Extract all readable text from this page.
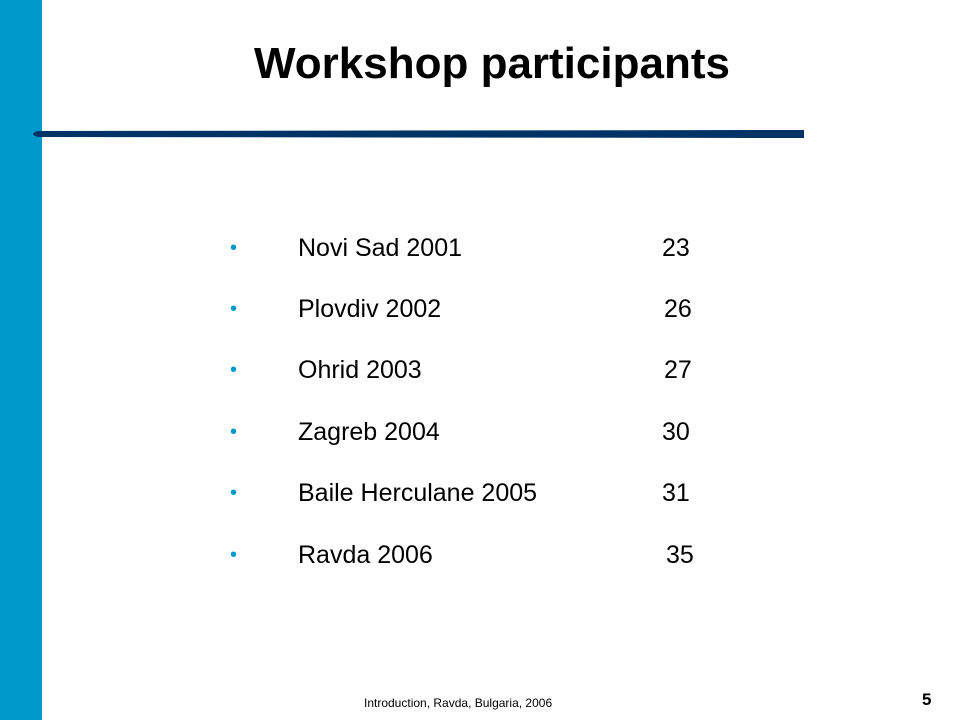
Workshop participants
• Novi Sad 2001	23
• Plovdiv 2002	26
• Ohrid 2003	27
• Zagreb 2004	30
• Baile Herculane 2005	31
• Ravda 2006	35
Introduction, Ravda, Bulgaria, 2006	5
